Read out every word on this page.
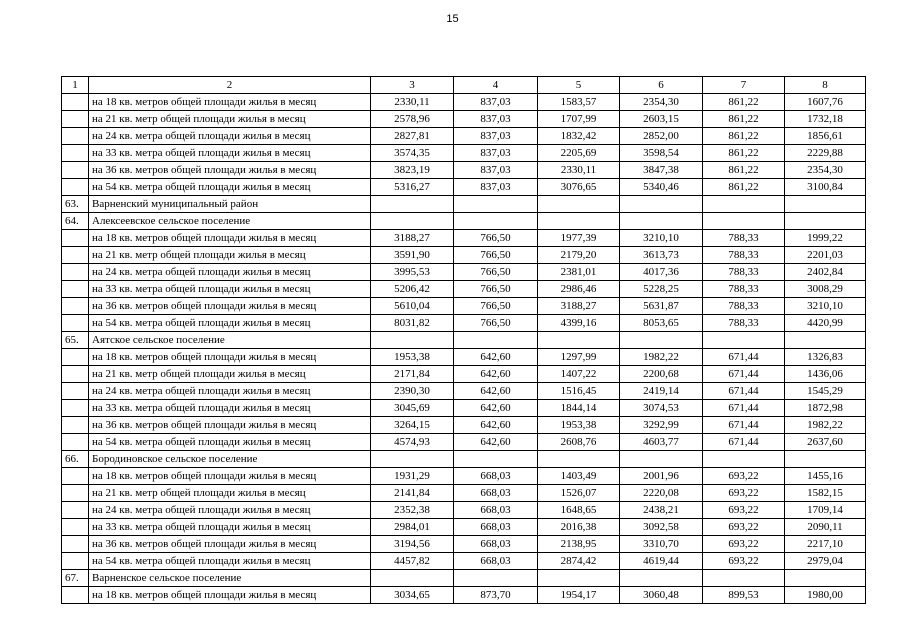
15
1	2	3	4	5	6	7	8
	на 18 кв. метров общей площади жилья в месяц	2330,11	837,03	1583,57	2354,30	861,22	1607,76
	на 21 кв. метр общей площади жилья в месяц	2578,96	837,03	1707,99	2603,15	861,22	1732,18
	на 24 кв. метра общей площади жилья в месяц	2827,81	837,03	1832,42	2852,00	861,22	1856,61
	на 33 кв. метра общей площади жилья в месяц	3574,35	837,03	2205,69	3598,54	861,22	2229,88
	на 36 кв. метров общей площади жилья в месяц	3823,19	837,03	2330,11	3847,38	861,22	2354,30
	на 54 кв. метра общей площади жилья в месяц	5316,27	837,03	3076,65	5340,46	861,22	3100,84
63.	Варненский муниципальный район						
64.	Алексеевское сельское поселение						
	на 18 кв. метров общей площади жилья в месяц	3188,27	766,50	1977,39	3210,10	788,33	1999,22
	на 21 кв. метр общей площади жилья в месяц	3591,90	766,50	2179,20	3613,73	788,33	2201,03
	на 24 кв. метра общей площади жилья в месяц	3995,53	766,50	2381,01	4017,36	788,33	2402,84
	на 33 кв. метра общей площади жилья в месяц	5206,42	766,50	2986,46	5228,25	788,33	3008,29
	на 36 кв. метров общей площади жилья в месяц	5610,04	766,50	3188,27	5631,87	788,33	3210,10
	на 54 кв. метра общей площади жилья в месяц	8031,82	766,50	4399,16	8053,65	788,33	4420,99
65.	Аятское сельское поселение						
	на 18 кв. метров общей площади жилья в месяц	1953,38	642,60	1297,99	1982,22	671,44	1326,83
	на 21 кв. метр общей площади жилья в месяц	2171,84	642,60	1407,22	2200,68	671,44	1436,06
	на 24 кв. метра общей площади жилья в месяц	2390,30	642,60	1516,45	2419,14	671,44	1545,29
	на 33 кв. метра общей площади жилья в месяц	3045,69	642,60	1844,14	3074,53	671,44	1872,98
	на 36 кв. метров общей площади жилья в месяц	3264,15	642,60	1953,38	3292,99	671,44	1982,22
	на 54 кв. метра общей площади жилья в месяц	4574,93	642,60	2608,76	4603,77	671,44	2637,60
66.	Бородиновское сельское поселение						
	на 18 кв. метров общей площади жилья в месяц	1931,29	668,03	1403,49	2001,96	693,22	1455,16
	на 21 кв. метр общей площади жилья в месяц	2141,84	668,03	1526,07	2220,08	693,22	1582,15
	на 24 кв. метра общей площади жилья в месяц	2352,38	668,03	1648,65	2438,21	693,22	1709,14
	на 33 кв. метра общей площади жилья в месяц	2984,01	668,03	2016,38	3092,58	693,22	2090,11
	на 36 кв. метров общей площади жилья в месяц	3194,56	668,03	2138,95	3310,70	693,22	2217,10
	на 54 кв. метра общей площади жилья в месяц	4457,82	668,03	2874,42	4619,44	693,22	2979,04
67.	Варненское сельское поселение						
	на 18 кв. метров общей площади жилья в месяц	3034,65	873,70	1954,17	3060,48	899,53	1980,00
